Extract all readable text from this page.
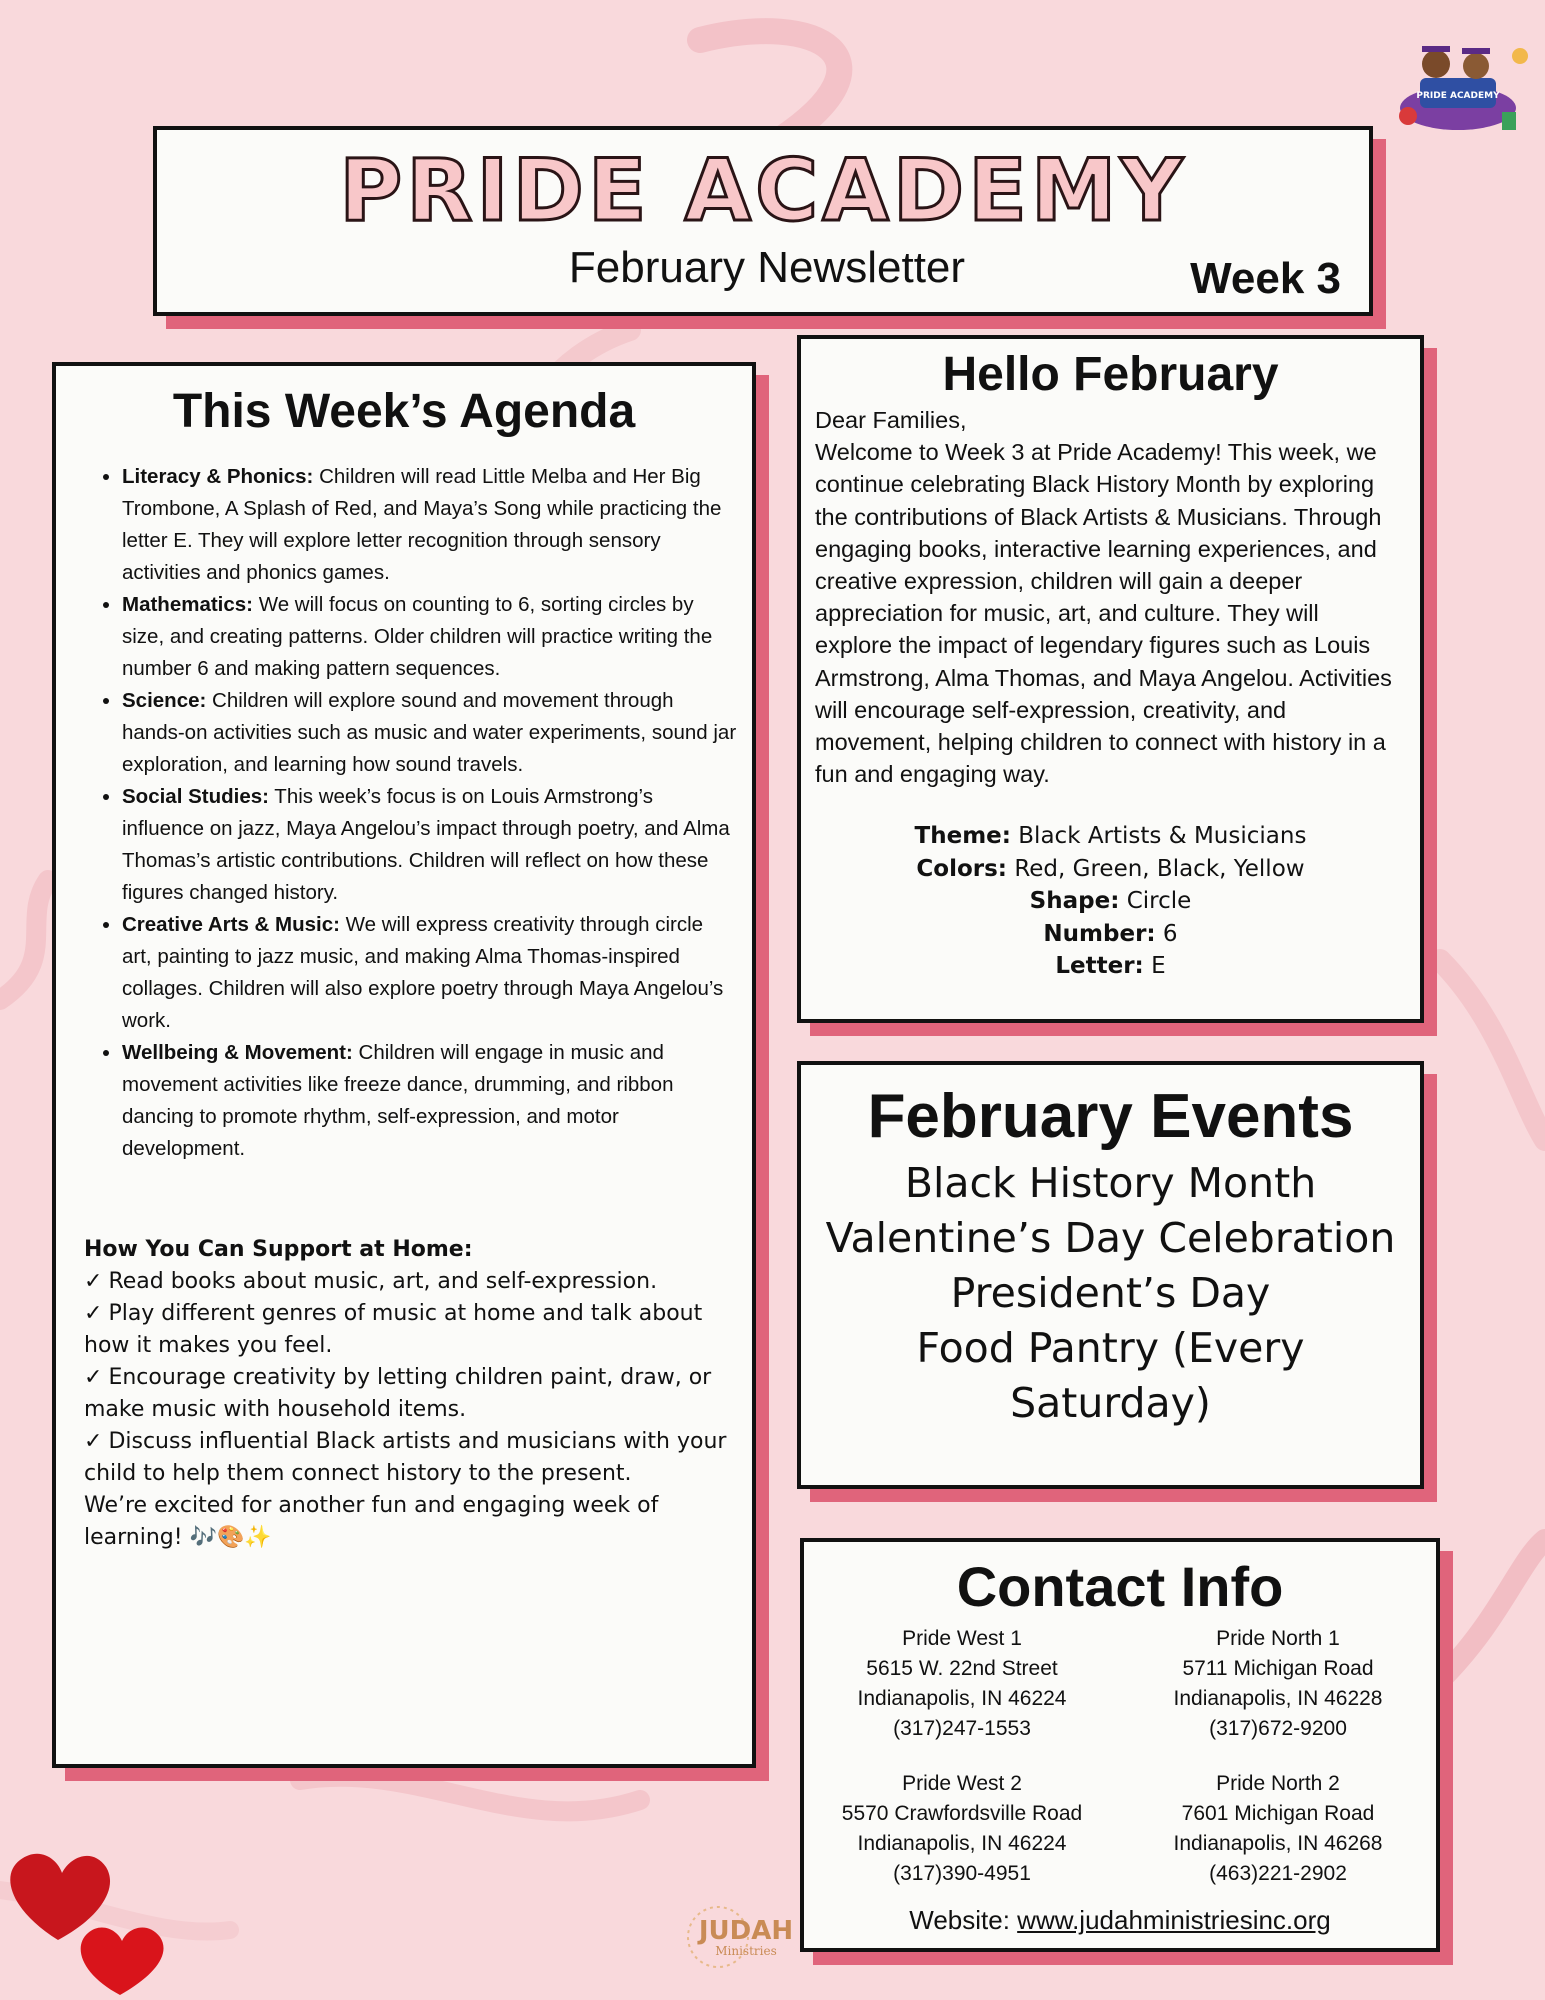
PRIDE ACADEMY
PRIDE ACADEMY
February Newsletter	Week 3
This Week’s Agenda
• Literacy & Phonics: Children will read Little Melba and Her Big Trombone, A Splash of Red, and Maya’s Song while practicing the letter E. They will explore letter recognition through sensory activities and phonics games.
• Mathematics: We will focus on counting to 6, sorting circles by size, and creating patterns. Older children will practice writing the number 6 and making pattern sequences.
• Science: Children will explore sound and movement through hands-on activities such as music and water experiments, sound jar exploration, and learning how sound travels.
• Social Studies: This week’s focus is on Louis Armstrong’s influence on jazz, Maya Angelou’s impact through poetry, and Alma Thomas’s artistic contributions. Children will reflect on how these figures changed history.
• Creative Arts & Music: We will express creativity through circle art, painting to jazz music, and making Alma Thomas-inspired collages. Children will also explore poetry through Maya Angelou’s work.
• Wellbeing & Movement: Children will engage in music and movement activities like freeze dance, drumming, and ribbon dancing to promote rhythm, self-expression, and motor development.
How You Can Support at Home:
✓ Read books about music, art, and self-expression.
✓ Play different genres of music at home and talk about how it makes you feel.
✓ Encourage creativity by letting children paint, draw, or make music with household items.
✓ Discuss influential Black artists and musicians with your child to help them connect history to the present.
We’re excited for another fun and engaging week of learning! 🎶🎨✨
Hello February
Dear Families,
Welcome to Week 3 at Pride Academy! This week, we continue celebrating Black History Month by exploring the contributions of Black Artists & Musicians. Through engaging books, interactive learning experiences, and creative expression, children will gain a deeper appreciation for music, art, and culture. They will explore the impact of legendary figures such as Louis Armstrong, Alma Thomas, and Maya Angelou. Activities will encourage self-expression, creativity, and movement, helping children to connect with history in a fun and engaging way.
Theme: Black Artists & Musicians
Colors: Red, Green, Black, Yellow
Shape: Circle
Number: 6
Letter: E
February Events
Black History Month
Valentine’s Day Celebration
President’s Day
Food Pantry (Every Saturday)
Contact Info
Pride West 1
5615 W. 22nd Street
Indianapolis, IN 46224
(317)247-1553
Pride North 1
5711 Michigan Road
Indianapolis, IN 46228
(317)672-9200
Pride West 2
5570 Crawfordsville Road
Indianapolis, IN 46224
(317)390-4951
Pride North 2
7601 Michigan Road
Indianapolis, IN 46268
(463)221-2902
Website: www.judahministriesinc.org
JUDAH
Ministries
